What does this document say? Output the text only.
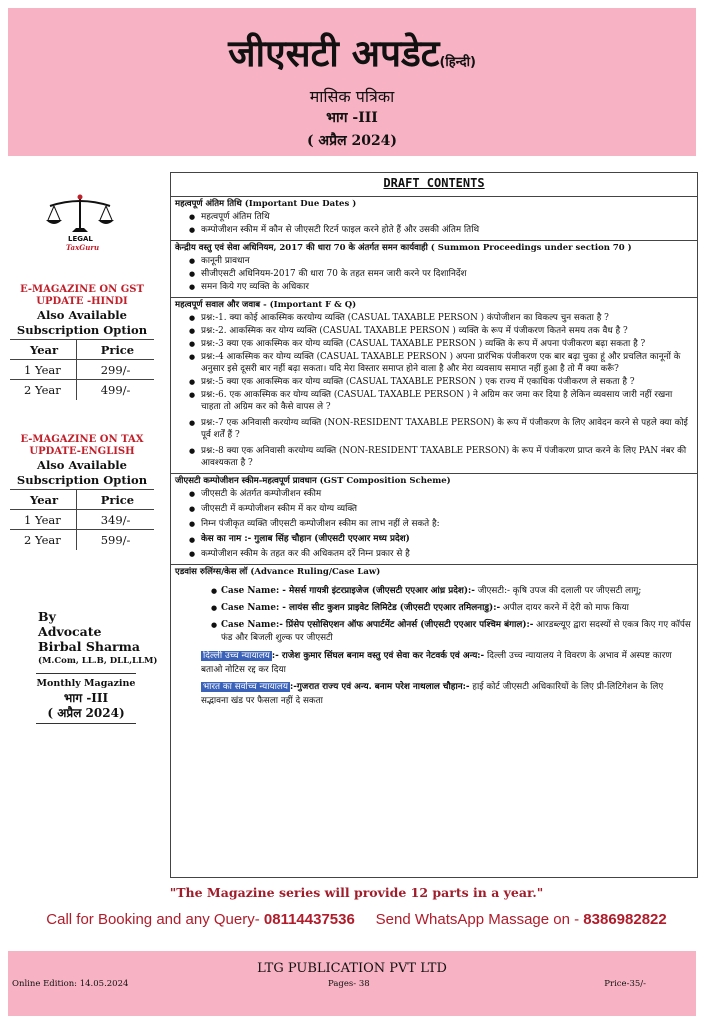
जीएसटी अपडेट(हिन्दी)
मासिक पत्रिका
भाग -III
( अप्रैल 2024)
LEGAL
TaxGuru
E-MAGAZINE ON GST UPDATE -HINDI
Also Available
Subscription Option
Year	Price
1 Year	299/-
2 Year	499/-
E-MAGAZINE ON TAX UPDATE-ENGLISH
Also Available
Subscription Option
Year	Price
1 Year	349/-
2 Year	599/-
By
Advocate
Birbal Sharma
(M.Com, LL.B, DLL,LLM)
Monthly Magazine
भाग -III
( अप्रैल 2024)
DRAFT CONTENTS
महत्वपूर्ण अंतिम तिथि (Important Due Dates )
● महत्वपूर्ण अंतिम तिथि
● कम्पोजीशन स्कीम में कौन से जीएसटी रिटर्न फाइल करने होते हैं और उसकी अंतिम तिथि
केन्द्रीय वस्तु एवं सेवा अधिनियम, 2017 की धारा 70 के अंतर्गत समन कार्यवाही ( Summon Proceedings under section 70 )
● कानूनी प्रावधान
● सीजीएसटी अधिनियम-2017 की धारा 70 के तहत समन जारी करने पर दिशानिर्देश
● समन किये गए व्यक्ति के अधिकार
महत्वपूर्ण सवाल और जवाब - (Important F & Q)
● प्रश्न:-1. क्या कोई आकस्मिक करयोग्य व्यक्ति (CASUAL TAXABLE PERSON ) कंपोजीशन का विकल्प चुन सकता है ?
● प्रश्न:-2. आकस्मिक कर योग्य व्यक्ति (CASUAL TAXABLE PERSON ) व्यक्ति के रूप में पंजीकरण कितने समय तक वैध है ?
● प्रश्न:-3 क्या एक आकस्मिक कर योग्य व्यक्ति (CASUAL TAXABLE PERSON ) व्यक्ति के रूप में अपना पंजीकरण बढ़ा सकता है ?
● प्रश्न:-4 आकस्मिक कर योग्य व्यक्ति (CASUAL TAXABLE PERSON ) अपना प्रारंभिक पंजीकरण एक बार बढ़ा चुका हूं और प्रचलित कानूनों के अनुसार इसे दूसरी बार नहीं बढ़ा सकता। यदि मेरा विस्तार समाप्त होने वाला है और मेरा व्यवसाय समाप्त नहीं हुआ है तो मैं क्या करूँ?
● प्रश्न:-5 क्या एक आकस्मिक कर योग्य व्यक्ति (CASUAL TAXABLE PERSON ) एक राज्य में एकाधिक पंजीकरण ले सकता है ?
● प्रश्न:-6. एक आकस्मिक कर योग्य व्यक्ति (CASUAL TAXABLE PERSON ) ने अग्रिम कर जमा कर दिया है लेकिन व्यवसाय जारी नहीं रखना चाहता तो अग्रिम कर को कैसे वापस ले ?
● प्रश्न:-7 एक अनिवासी करयोग्य व्यक्ति (NON-RESIDENT TAXABLE PERSON) के रूप में पंजीकरण के लिए आवेदन करने से पहले क्या कोई पूर्व शर्तें हैं ?
● प्रश्न:-8 क्या एक अनिवासी करयोग्य व्यक्ति (NON-RESIDENT TAXABLE PERSON) के रूप में पंजीकरण प्राप्त करने के लिए PAN नंबर की आवश्यकता है ?
जीएसटी कम्पोजीशन स्कीम-महत्वपूर्ण प्रावधान (GST Composition Scheme)
● जीएसटी के अंतर्गत कम्पोजीशन स्कीम
● जीएसटी में कम्पोजीशन स्कीम में कर योग्य व्यक्ति
● निम्न पंजीकृत व्यक्ति जीएसटी कम्पोजीशन स्कीम का लाभ नहीं ले सकते है:
● केस का नाम :- गुलाब सिंह चौहान (जीएसटी एएआर मध्य प्रदेश)
● कम्पोजीशन स्कीम के तहत कर की अधिकतम दरें निम्न प्रकार से है
एडवांस रुलिंग्स/केस लॉ (Advance Ruling/Case Law)
● Case Name: - मेसर्स गायत्री इंटरप्राइजेज (जीएसटी एएआर आंध्र प्रदेश):- जीएसटी:- कृषि उपज की दलाली पर जीएसटी लागू;
● Case Name: - लायंस सीट कुशन प्राइवेट लिमिटेड (जीएसटी एएआर तमिलनाडु):- अपील दायर करने में देरी को माफ किया
● Case Name:- प्रिंसेप एसोसिएशन ऑफ अपार्टमेंट ओनर्स (जीएसटी एएआर पश्चिम बंगाल):- आरडब्ल्यूए द्वारा सदस्यों से एकत्र किए गए कॉर्पस फंड और बिजली शुल्क पर जीएसटी
दिल्ली उच्च न्यायालय :- राजेश कुमार सिंघल बनाम वस्तु एवं सेवा कर नेटवर्क एवं अन्य:- दिल्ली उच्च न्यायालय ने विवरण के अभाव में अस्पष्ट कारण बताओ नोटिस रद्द कर दिया
भारत का सर्वोच्च न्यायालय :-गुजरात राज्य एवं अन्य. बनाम परेश नाथलाल चौहान:- हाई कोर्ट जीएसटी अधिकारियों के लिए प्री-लिटिगेशन के लिए सद्भावना खंड पर फैसला नहीं दे सकता
"The Magazine series will provide 12 parts in a year."
Call for Booking and any Query- 08114437536 Send WhatsApp Massage on - 8386982822
LTG PUBLICATION PVT LTD
Online Edition: 14.05.2024	Pages- 38	Price-35/-
